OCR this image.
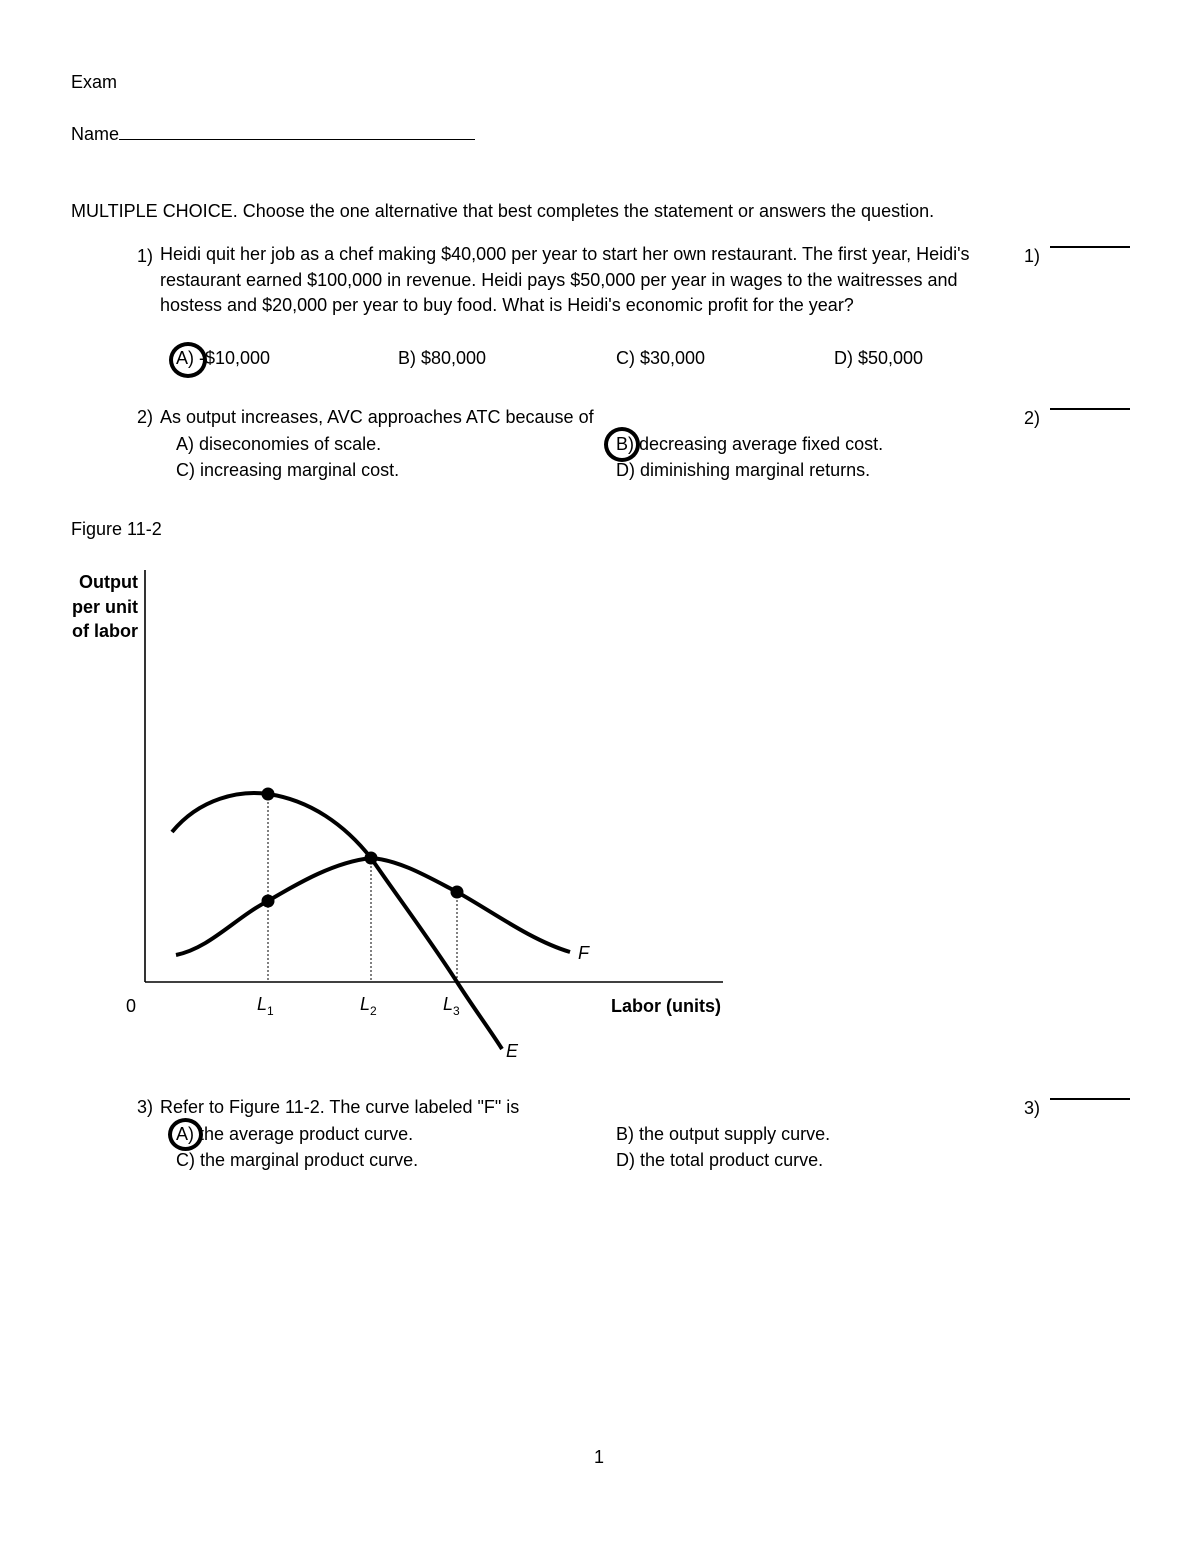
Exam
Name
MULTIPLE CHOICE. Choose the one alternative that best completes the statement or answers the question.
1) Heidi quit her job as a chef making $40,000 per year to start her own restaurant. The first year, Heidi's restaurant earned $100,000 in revenue. Heidi pays $50,000 per year in wages to the waitresses and hostess and $20,000 per year to buy food. What is Heidi's economic profit for the year?
1)
A) -$10,000	B) $80,000	C) $30,000	D) $50,000
2) As output increases, AVC approaches ATC because of	2)
A) diseconomies of scale.	B) decreasing average fixed cost.
C) increasing marginal cost.	D) diminishing marginal returns.
Figure 11-2
Output
per unit
of labor
F
E
0	$L_1$	$L_2$	$L_3$	Labor (units)
3) Refer to Figure 11-2. The curve labeled "F" is	3)
A) the average product curve.	B) the output supply curve.
C) the marginal product curve.	D) the total product curve.
1
